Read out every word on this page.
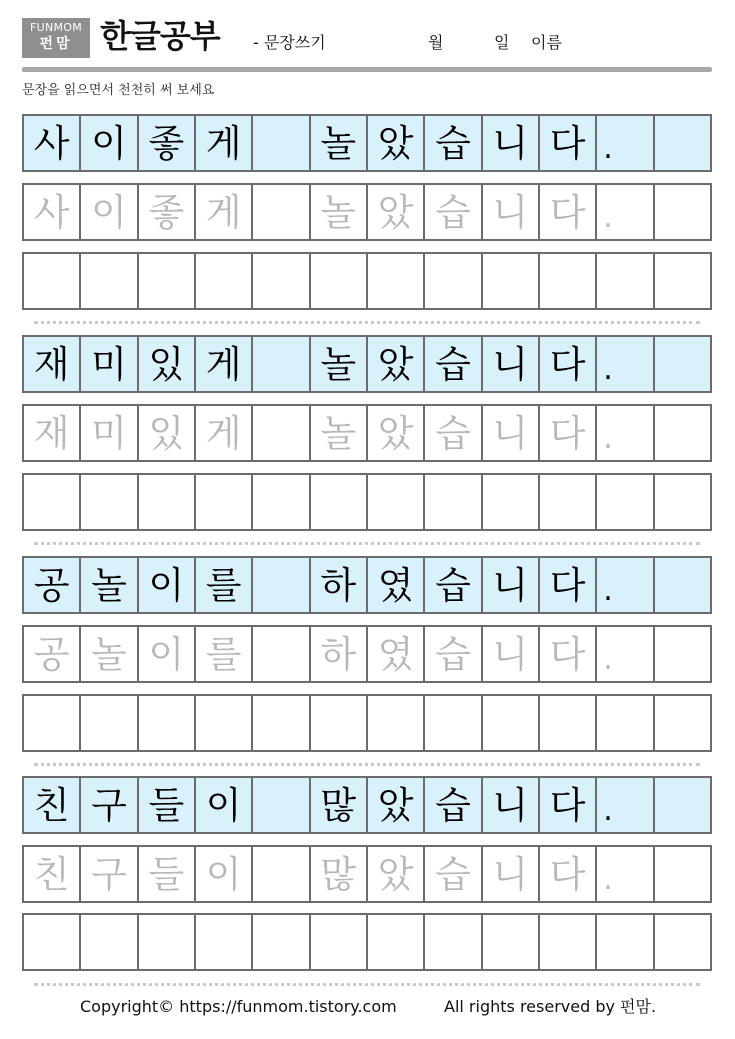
FUNMOM
펀맘 한글공부 - 문장쓰기	월	일 이름
문장을 읽으면서 천천히 써 보세요
사 이 좋 게	놀 았 습 니 다 .
사 이 좋 게	놀 았 습 니 다 .
재 미 있 게	놀 았 습 니 다 .
재 미 있 게	놀 았 습 니 다 .
공 놀 이 를	하 였 습 니 다 .
공 놀 이 를	하 였 습 니 다 .
친 구 들 이	많 았 습 니 다 .
친 구 들 이	많 았 습 니 다 .
Copyright© https://funmom.tistory.com	All rights reserved by 펀맘.
